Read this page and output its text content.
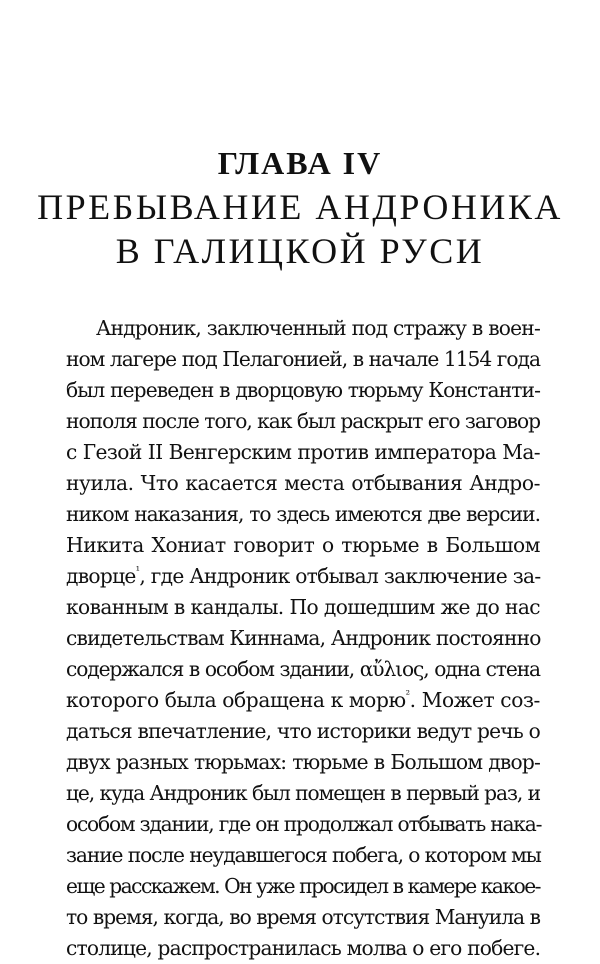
ГЛАВА IV
ПРЕБЫВАНИЕ АНДРОНИКА
В ГАЛИЦКОЙ РУСИ
Андроник, заключенный под стражу в воен-
ном лагере под Пелагонией, в начале 1154 года
был переведен в дворцовую тюрьму Константи-
нополя после того, как был раскрыт его заговор
с Гезой II Венгерским против императора Ма-
нуила. Что касается места отбывания Андро-
ником наказания, то здесь имеются две версии.
Никита Хониат говорит о тюрьме в Большом
дворце$^{^1}$, где Андроник отбывал заключение за-
кованным в кандалы. По дошедшим же до нас
свидетельствам Киннама, Андроник постоянно
содержался в особом здании, αὔλιος, одна стена
которого была обращена к морю$^{^2}$. Может соз-
даться впечатление, что историки ведут речь о
двух разных тюрьмах: тюрьме в Большом двор-
це, куда Андроник был помещен в первый раз, и
особом здании, где он продолжал отбывать нака-
зание после неудавшегося побега, о котором мы
еще расскажем. Он уже просидел в камере какое-
то время, когда, во время отсутствия Мануила в
столице, распространилась молва о его побеге.
